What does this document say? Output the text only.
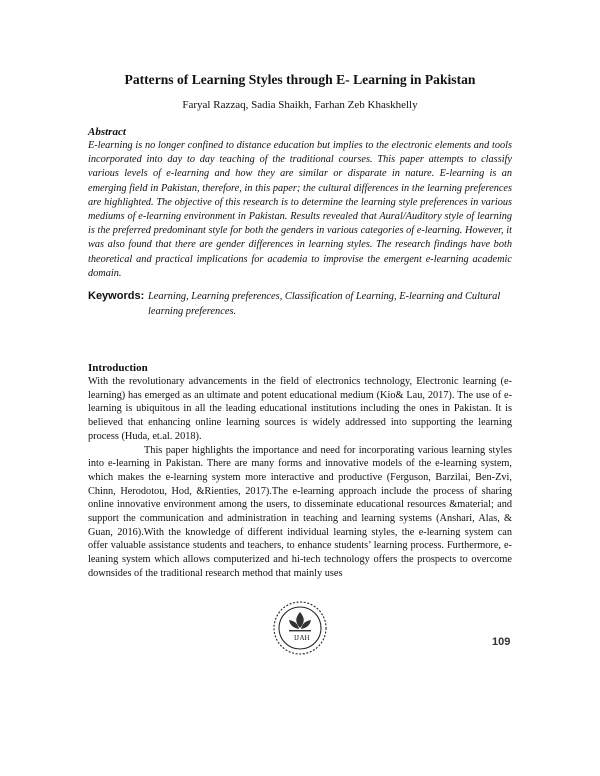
Patterns of Learning Styles through E- Learning in Pakistan
Faryal Razzaq, Sadia Shaikh, Farhan Zeb Khaskhelly
Abstract
E-learning is no longer confined to distance education but implies to the electronic elements and tools incorporated into day to day teaching of the traditional courses. This paper attempts to classify various levels of e-learning and how they are similar or disparate in nature. E-learning is an emerging field in Pakistan, therefore, in this paper; the cultural differences in the learning preferences are highlighted. The objective of this research is to determine the learning style preferences in various mediums of e-learning environment in Pakistan. Results revealed that Aural/Auditory style of learning is the preferred predominant style for both the genders in various categories of e-learning. However, it was also found that there are gender differences in learning styles. The research findings have both theoretical and practical implications for academia to improvise the emergent e-learning academic domain.
Keywords: Learning, Learning preferences, Classification of Learning, E-learning and Cultural learning preferences.
Introduction

With the revolutionary advancements in the field of electronics technology, Electronic learning (e-learning) has emerged as an ultimate and potent educational medium (Kio& Lau, 2017). The use of e-learning is ubiquitous in all the leading educational institutions including the ones in Pakistan. It is believed that enhancing online learning sources is widely addressed into supporting the learning process (Huda, et.al. 2018).

This paper highlights the importance and need for incorporating various learning styles into e-learning in Pakistan. There are many forms and innovative models of the e-learning system, which makes the e-learning system more interactive and productive (Ferguson, Barzilai, Ben-Zvi, Chinn, Herodotou, Hod, &Rienties, 2017).The e-learning approach include the process of sharing online innovative environment among the users, to disseminate educational resources &material; and support the communication and administration in teaching and learning systems (Anshari, Alas, & Guan, 2016).With the knowledge of different individual learning styles, the e-learning system can offer valuable assistance students and teachers, to enhance students’ learning process. Furthermore, e-leaning system which allows computerized and hi-tech technology offers the prospects to overcome downsides of the traditional research method that mainly uses

IJ AH	109
